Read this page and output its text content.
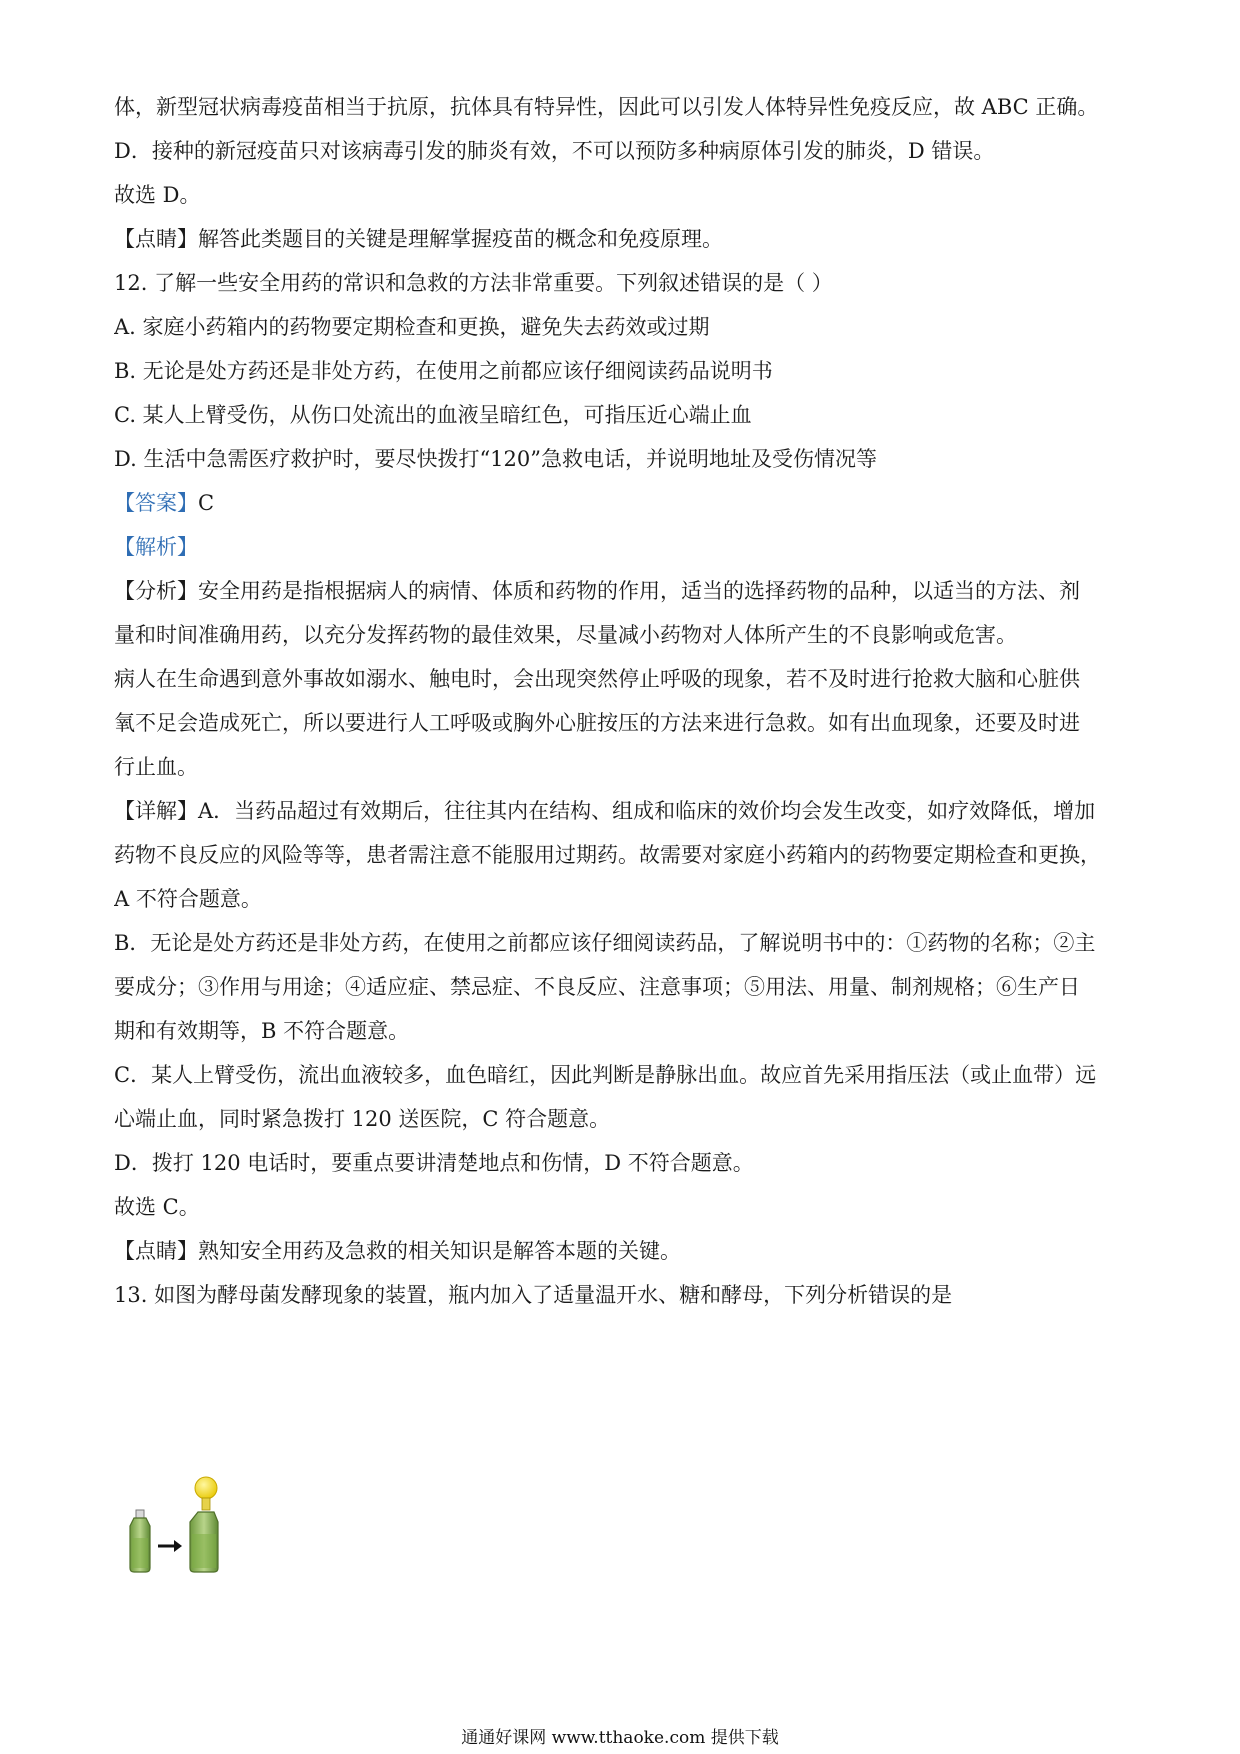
体，新型冠状病毒疫苗相当于抗原，抗体具有特异性，因此可以引发人体特异性免疫反应，故 ABC 正确。
D．接种的新冠疫苗只对该病毒引发的肺炎有效，不可以预防多种病原体引发的肺炎，D 错误。
故选 D。
【点睛】解答此类题目的关键是理解掌握疫苗的概念和免疫原理。
12. 了解一些安全用药的常识和急救的方法非常重要。下列叙述错误的是（ ）
A. 家庭小药箱内的药物要定期检查和更换，避免失去药效或过期
B. 无论是处方药还是非处方药，在使用之前都应该仔细阅读药品说明书
C. 某人上臂受伤，从伤口处流出的血液呈暗红色，可指压近心端止血
D. 生活中急需医疗救护时，要尽快拨打“120”急救电话，并说明地址及受伤情况等
【答案】C
【解析】
【分析】安全用药是指根据病人的病情、体质和药物的作用，适当的选择药物的品种，以适当的方法、剂
量和时间准确用药，以充分发挥药物的最佳效果，尽量减小药物对人体所产生的不良影响或危害。
病人在生命遇到意外事故如溺水、触电时，会出现突然停止呼吸的现象，若不及时进行抢救大脑和心脏供
氧不足会造成死亡，所以要进行人工呼吸或胸外心脏按压的方法来进行急救。如有出血现象，还要及时进
行止血。
【详解】A．当药品超过有效期后，往往其内在结构、组成和临床的效价均会发生改变，如疗效降低，增加
药物不良反应的风险等等，患者需注意不能服用过期药。故需要对家庭小药箱内的药物要定期检查和更换，
A 不符合题意。
B．无论是处方药还是非处方药，在使用之前都应该仔细阅读药品，了解说明书中的：①药物的名称；②主
要成分；③作用与用途；④适应症、禁忌症、不良反应、注意事项；⑤用法、用量、制剂规格；⑥生产日
期和有效期等，B 不符合题意。
C．某人上臂受伤，流出血液较多，血色暗红，因此判断是静脉出血。故应首先采用指压法（或止血带）远
心端止血，同时紧急拨打 120 送医院，C 符合题意。
D．拨打 120 电话时，要重点要讲清楚地点和伤情，D 不符合题意。
故选 C。
【点睛】熟知安全用药及急救的相关知识是解答本题的关键。
13. 如图为酵母菌发酵现象的装置，瓶内加入了适量温开水、糖和酵母，下列分析错误的是
通通好课网 www.tthaoke.com 提供下载
